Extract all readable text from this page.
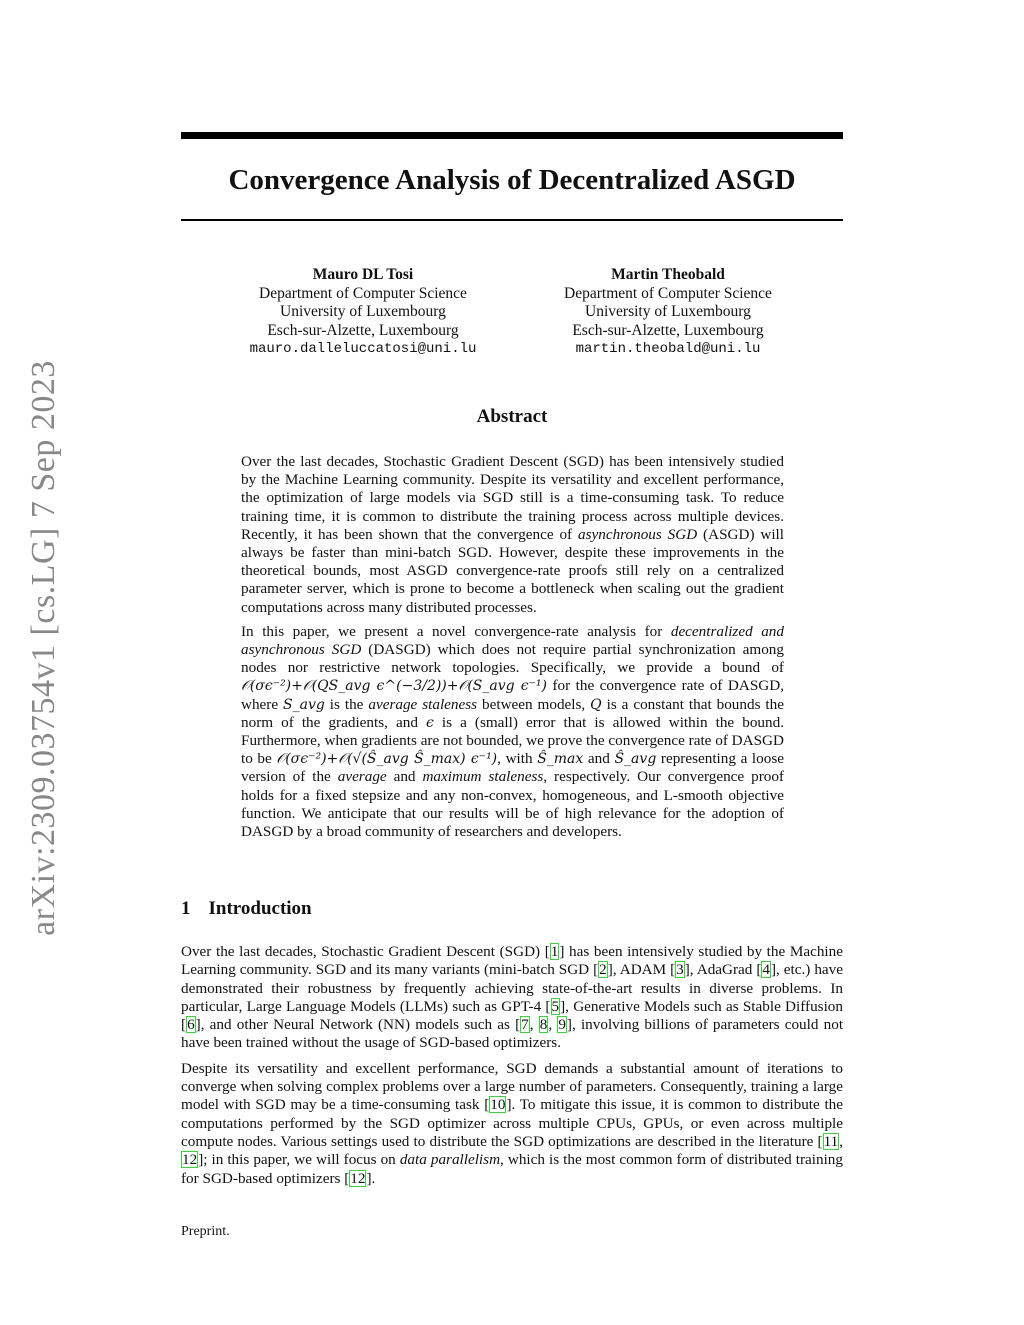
arXiv:2309.03754v1 [cs.LG] 7 Sep 2023
Convergence Analysis of Decentralized ASGD
Mauro DL Tosi
Department of Computer Science
University of Luxembourg
Esch-sur-Alzette, Luxembourg
mauro.dalleluccatosi@uni.lu
Martin Theobald
Department of Computer Science
University of Luxembourg
Esch-sur-Alzette, Luxembourg
martin.theobald@uni.lu
Abstract

Over the last decades, Stochastic Gradient Descent (SGD) has been intensively studied by the Machine Learning community. Despite its versatility and excellent performance, the optimization of large models via SGD still is a time-consuming task. To reduce training time, it is common to distribute the training process across multiple devices. Recently, it has been shown that the convergence of asynchronous SGD (ASGD) will always be faster than mini-batch SGD. However, despite these improvements in the theoretical bounds, most ASGD convergence-rate proofs still rely on a centralized parameter server, which is prone to become a bottleneck when scaling out the gradient computations across many distributed processes.

In this paper, we present a novel convergence-rate analysis for decentralized and asynchronous SGD (DASGD) which does not require partial synchronization among nodes nor restrictive network topologies. Specifically, we provide a bound of 𝒪(σϵ⁻²)+𝒪(QS_avg ϵ^(−3/2))+𝒪(S_avg ϵ⁻¹) for the convergence rate of DASGD, where S_avg is the average staleness between models, Q is a constant that bounds the norm of the gradients, and ϵ is a (small) error that is allowed within the bound. Furthermore, when gradients are not bounded, we prove the convergence rate of DASGD to be 𝒪(σϵ⁻²)+𝒪(√(Ŝ_avg Ŝ_max) ϵ⁻¹), with Ŝ_max and Ŝ_avg representing a loose version of the average and maximum staleness, respectively. Our convergence proof holds for a fixed stepsize and any non-convex, homogeneous, and L-smooth objective function. We anticipate that our results will be of high relevance for the adoption of DASGD by a broad community of researchers and developers.

1 Introduction

Over the last decades, Stochastic Gradient Descent (SGD) [1] has been intensively studied by the Machine Learning community. SGD and its many variants (mini-batch SGD [2], ADAM [3], AdaGrad [4], etc.) have demonstrated their robustness by frequently achieving state-of-the-art results in diverse problems. In particular, Large Language Models (LLMs) such as GPT-4 [5], Generative Models such as Stable Diffusion [6], and other Neural Network (NN) models such as [7, 8, 9], involving billions of parameters could not have been trained without the usage of SGD-based optimizers.

Despite its versatility and excellent performance, SGD demands a substantial amount of iterations to converge when solving complex problems over a large number of parameters. Consequently, training a large model with SGD may be a time-consuming task [10]. To mitigate this issue, it is common to distribute the computations performed by the SGD optimizer across multiple CPUs, GPUs, or even across multiple compute nodes. Various settings used to distribute the SGD optimizations are described in the literature [11, 12]; in this paper, we will focus on data parallelism, which is the most common form of distributed training for SGD-based optimizers [12].

Preprint.
